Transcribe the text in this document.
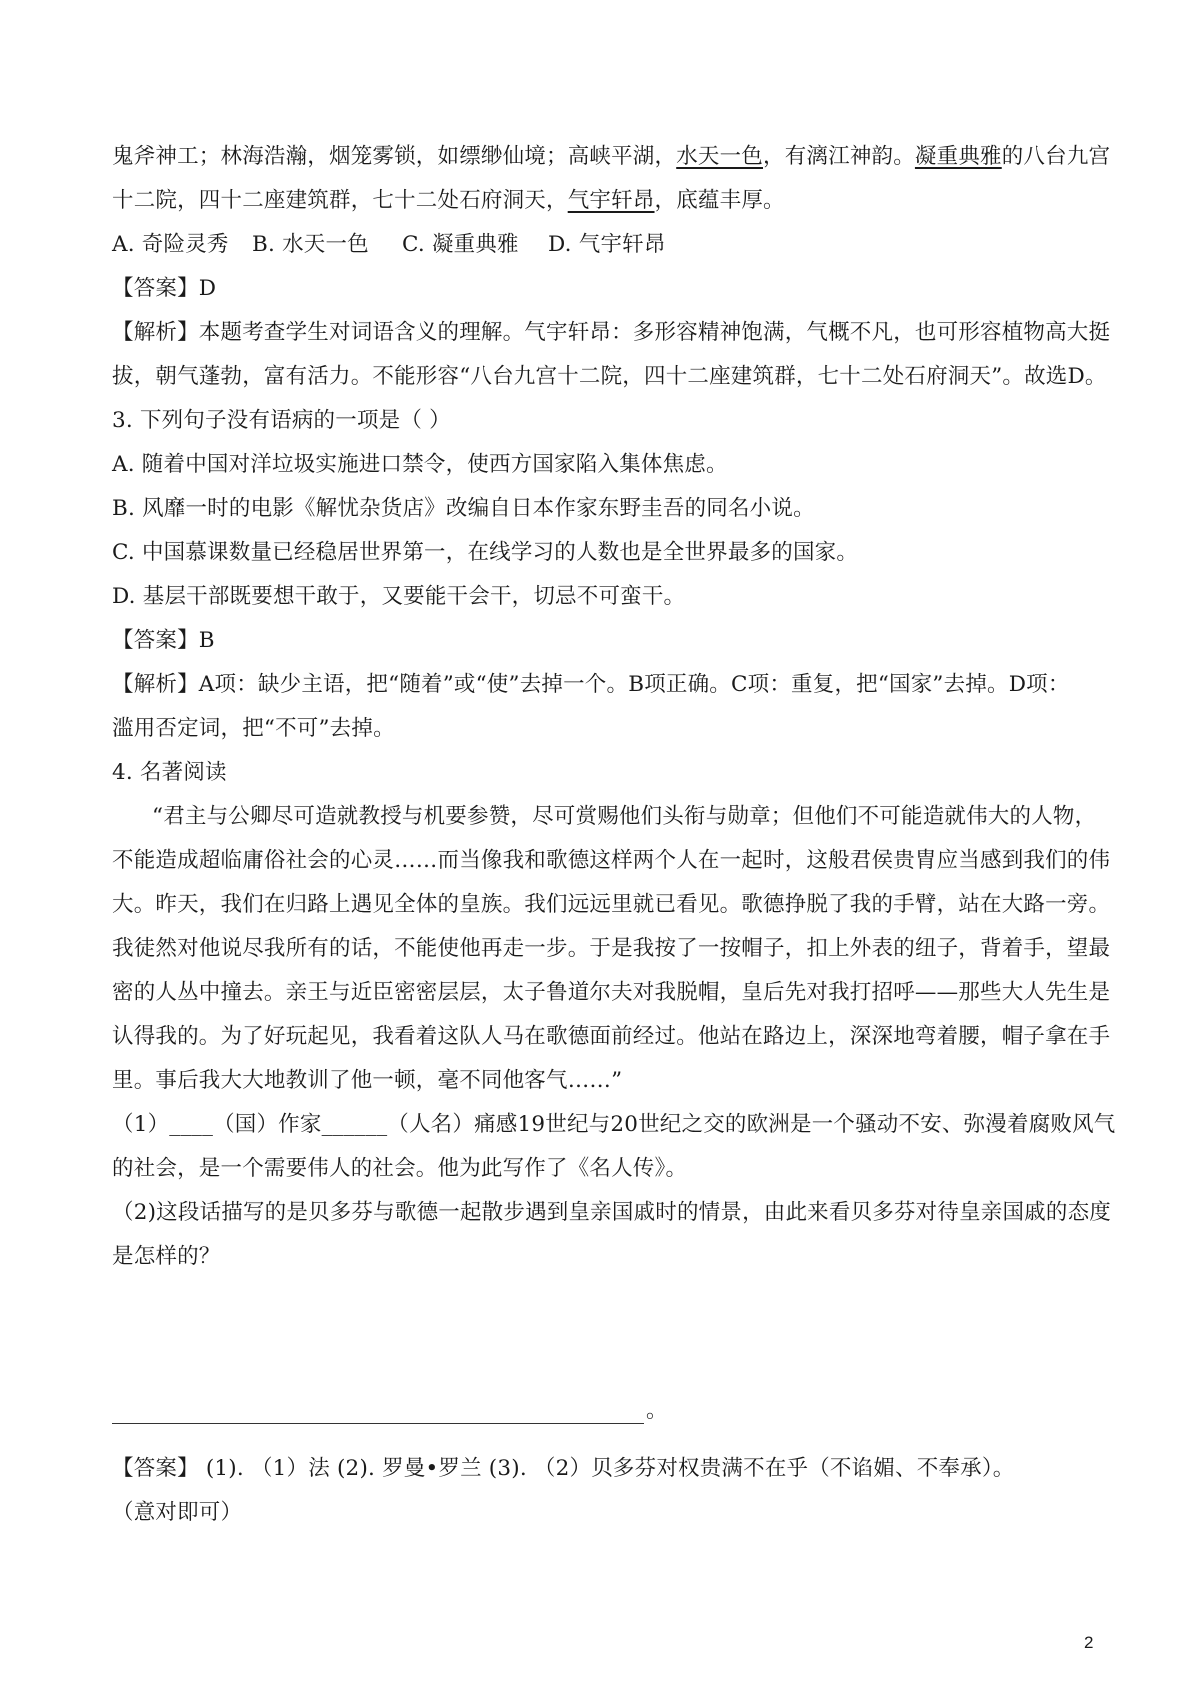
鬼斧神工；林海浩瀚，烟笼雾锁，如缥缈仙境；高峡平湖，水天一色，有漓江神韵。凝重典雅的八台九宫
十二院，四十二座建筑群，七十二处石府洞天，气宇轩昂，底蕴丰厚。
A. 奇险灵秀 B. 水天一色 C. 凝重典雅 D. 气宇轩昂
【答案】D
【解析】本题考查学生对词语含义的理解。气宇轩昂：多形容精神饱满，气概不凡，也可形容植物高大挺
拔，朝气蓬勃，富有活力。不能形容“八台九宫十二院，四十二座建筑群，七十二处石府洞天”。故选D。
3. 下列句子没有语病的一项是（ ）
A. 随着中国对洋垃圾实施进口禁令，使西方国家陷入集体焦虑。
B. 风靡一时的电影《解忧杂货店》改编自日本作家东野圭吾的同名小说。
C. 中国慕课数量已经稳居世界第一，在线学习的人数也是全世界最多的国家。
D. 基层干部既要想干敢于，又要能干会干，切忌不可蛮干。
【答案】B
【解析】A项：缺少主语，把“随着”或“使”去掉一个。B项正确。C项：重复，把“国家”去掉。D项：
滥用否定词，把“不可”去掉。
4. 名著阅读
“君主与公卿尽可造就教授与机要参赞，尽可赏赐他们头衔与勋章；但他们不可能造就伟大的人物，
不能造成超临庸俗社会的心灵……而当像我和歌德这样两个人在一起时，这般君侯贵胄应当感到我们的伟
大。昨天，我们在归路上遇见全体的皇族。我们远远里就已看见。歌德挣脱了我的手臂，站在大路一旁。
我徒然对他说尽我所有的话，不能使他再走一步。于是我按了一按帽子，扣上外表的纽子，背着手，望最
密的人丛中撞去。亲王与近臣密密层层，太子鲁道尔夫对我脱帽，皇后先对我打招呼——那些大人先生是
认得我的。为了好玩起见，我看着这队人马在歌德面前经过。他站在路边上，深深地弯着腰，帽子拿在手
里。事后我大大地教训了他一顿，毫不同他客气……”
（1）____（国）作家______（人名）痛感19世纪与20世纪之交的欧洲是一个骚动不安、弥漫着腐败风气
的社会，是一个需要伟人的社会。他为此写作了《名人传》。
（2)这段话描写的是贝多芬与歌德一起散步遇到皇亲国戚时的情景，由此来看贝多芬对待皇亲国戚的态度
是怎样的？
。
【答案】 (1). （1）法 (2). 罗曼•罗兰 (3). （2）贝多芬对权贵满不在乎（不谄媚、不奉承）。
（意对即可）
2
